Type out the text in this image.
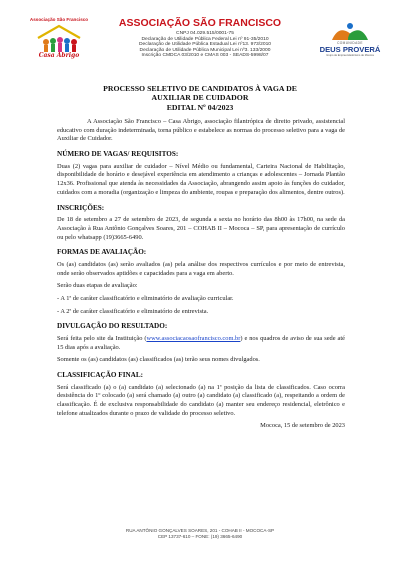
Associação São Francisco
Casa Abrigo
COMUNIDADE
DEUS PROVERÁ
Grupo de Empreendedorismo de Mococa
ASSOCIAÇÃO SÃO FRANCISCO
CNPJ 04.029.515/0001-75
Declaração de Utilidade Pública Federal Lei nº 91-35/2010
Declaração de Utilidade Pública Estadual Lei nº13. 973/2010
Declaração de Utilidade Pública Municipal Lei nº3. 133/2000
Inscrição CMDCA 03/2010 e CMAS 003 - SEADS-5998/07
PROCESSO SELETIVO DE CANDIDATOS À VAGA DE
AUXILIAR DE CUIDADOR
EDITAL Nº 04/2023

A Associação São Francisco – Casa Abrigo, associação filantrópica de direito privado, assistencial educativo com duração indeterminada, torna público e estabelece as normas do processo seletivo para a vaga de Auxiliar de Cuidador.

NÚMERO DE VAGAS/ REQUISITOS:

Duas (2) vagas para auxiliar de cuidador – Nível Médio ou fundamental, Carteira Nacional de Habilitação, disponibilidade de horário e desejável experiência em atendimento a crianças e adolescentes – Jornada Plantão 12x36. Profissional que atenda às necessidades da Associação, abrangendo assim apoio às funções do cuidador, cuidados com a moradia (organização e limpeza do ambiente, roupas e preparação dos alimentos, dentre outros).

INSCRIÇÕES:

De 18 de setembro a 27 de setembro de 2023, de segunda a sexta no horário das 8h00 às 17h00, na sede da Associação à Rua Antônio Gonçalves Soares, 201 – COHAB II – Mococa – SP, para apresentação de currículo ou pelo whatsapp (19)3665-6490.

FORMAS DE AVALIAÇÃO:

Os (as) candidatos (as) serão avaliados (as) pela análise dos respectivos currículos e por meio de entrevista, onde serão observados aptidões e capacidades para a vaga em aberto.

Serão duas etapas de avaliação:

- A 1ª de caráter classificatório e eliminatório de avaliação curricular.

- A 2ª de caráter classificatório e eliminatório de entrevista.

DIVULGAÇÃO DO RESULTADO:

Será feita pelo site da Instituição (www.associacaosaofrancisco.com.br) e nos quadros de aviso de sua sede até 15 dias após a avaliação.

Somente os (as) candidatos (as) classificados (as) terão seus nomes divulgados.

CLASSIFICAÇÃO FINAL:

Será classificado (a) o (a) candidato (a) selecionado (a) na 1ª posição da lista de classificados. Caso ocorra desistência do 1º colocado (a) será chamado (a) outro (a) candidato (a) classificado (a), respeitando a ordem de classificação. É de exclusiva responsabilidade do candidato (a) manter seu endereço residencial, eletrônico e telefone atualizados durante o prazo de validade do processo seletivo.

Mococa, 15 de setembro de 2023

RUA ANTÔNIO GONÇALVES SOARES, 201 - COHAB II - MOCOCA-SP
CEP 13737-610 – FONE: (19) 3665-6490
